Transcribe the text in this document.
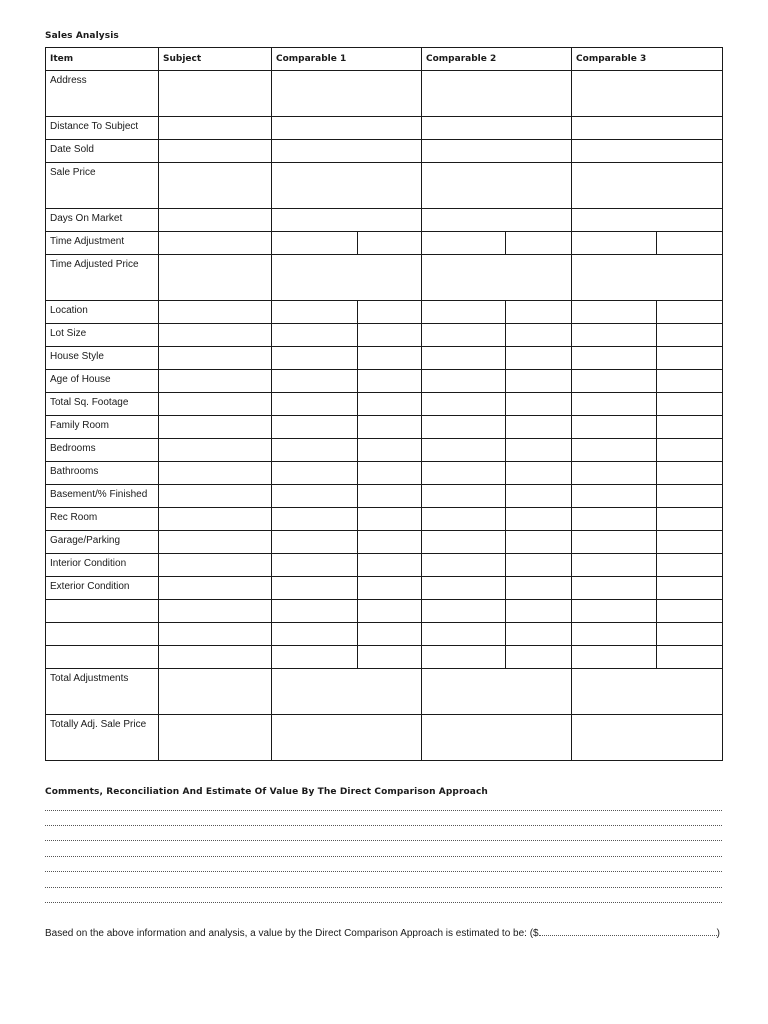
Sales Analysis
Item	Subject	Comparable 1		Comparable 2		Comparable 3	
Address							
Distance To Subject							
Date Sold							
Sale Price							
Days On Market							
Time Adjustment							
Time Adjusted Price							
Location							
Lot Size							
House Style							
Age of House							
Total Sq. Footage							
Family Room							
Bedrooms							
Bathrooms							
Basement/% Finished							
Rec Room							
Garage/Parking							
Interior Condition							
Exterior Condition							

Total Adjustments							
Totally Adj. Sale Price							
Comments, Reconciliation And Estimate Of Value By The Direct Comparison Approach
Based on the above information and analysis, a value by the Direct Comparison Approach is estimated to be: ($	)
